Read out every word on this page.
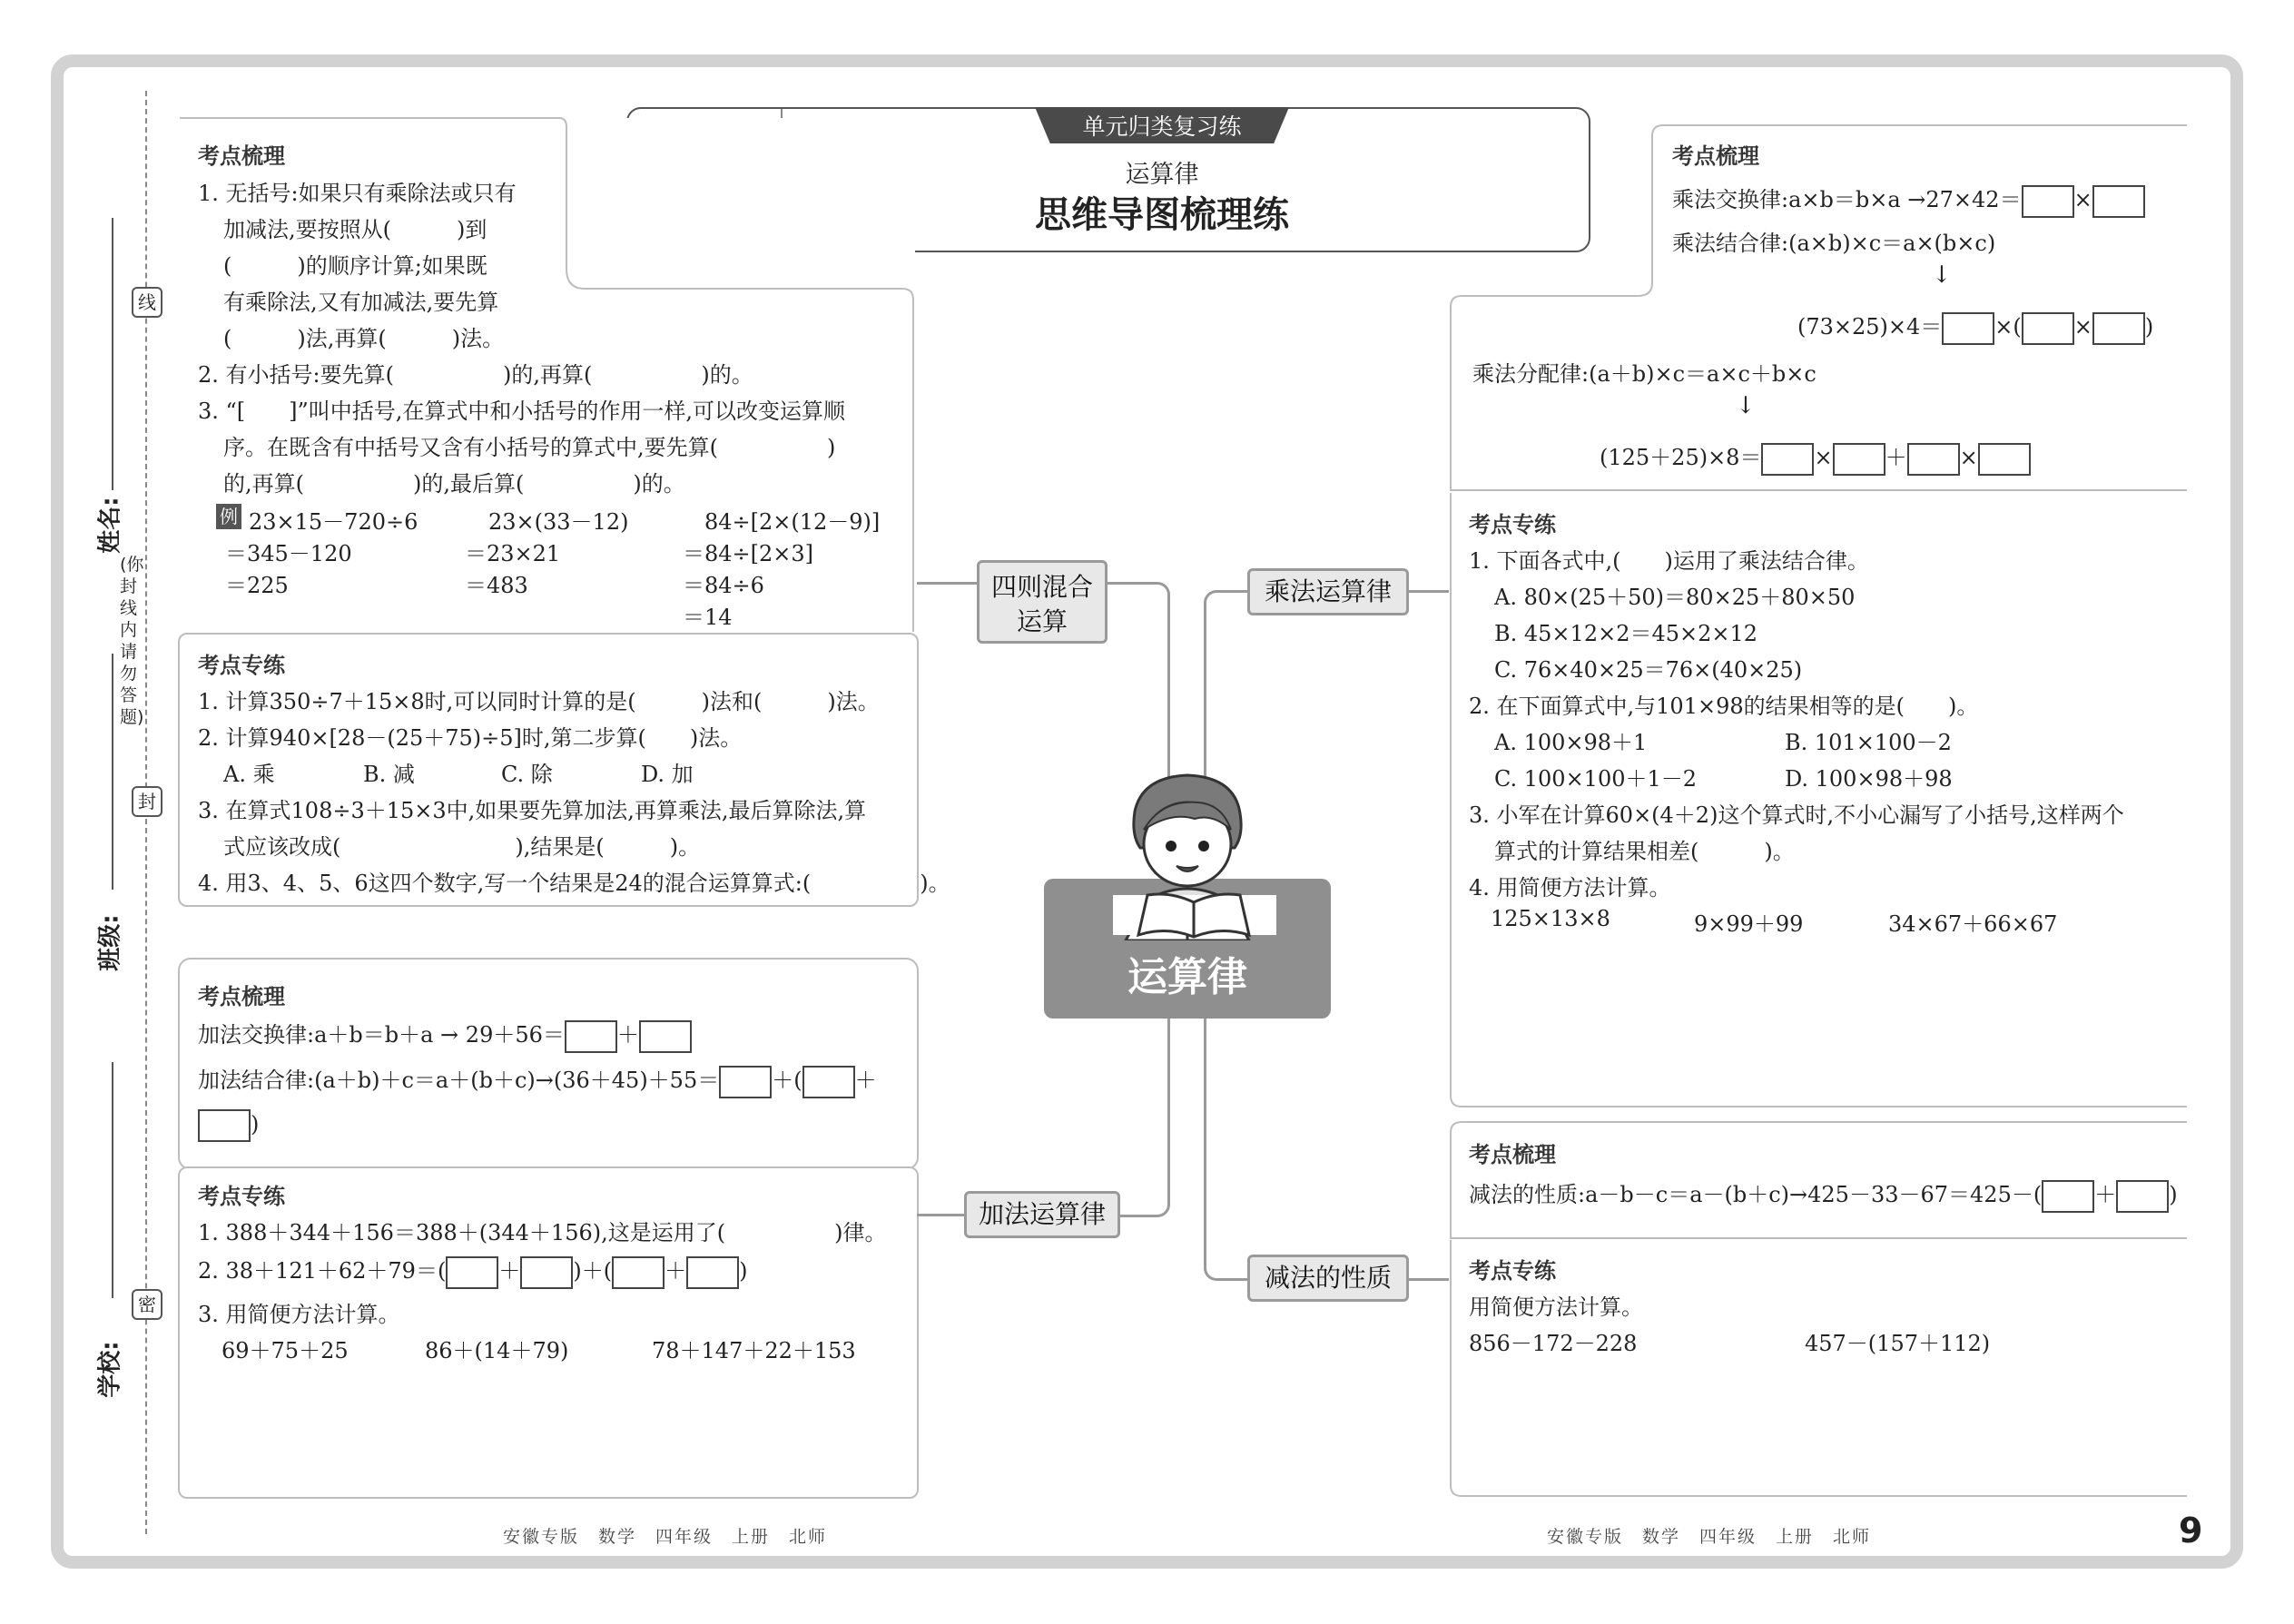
姓名:
班级:
学校:
线
封
密
(你封线内请勿答题)
单元归类复习练
运算律
思维导图梳理练
考点梳理
1. 无括号:如果只有乘除法或只有
加减法,要按照从(　　　)到
(　　　)的顺序计算;如果既
有乘除法,又有加减法,要先算
(　　　)法,再算(　　　)法。
2. 有小括号:要先算(　　　　　)的,再算(　　　　　)的。
3. “[　　]”叫中括号,在算式中和小括号的作用一样,可以改变运算顺
序。在既含有中括号又含有小括号的算式中,要先算(　　　　　)
的,再算(　　　　　)的,最后算(　　　　　)的。
例 23×15－720÷6
＝345－120
＝225
23×(33－12)
＝23×21
＝483
84÷[2×(12－9)]
＝84÷[2×3]
＝84÷6
＝14
考点专练
1. 计算350÷7＋15×8时,可以同时计算的是(　　　)法和(　　　)法。
2. 计算940×[28－(25＋75)÷5]时,第二步算(　　)法。
A. 乘	B. 减	C. 除	D. 加
3. 在算式108÷3＋15×3中,如果要先算加法,再算乘法,最后算除法,算
式应该改成(　　　　　　　　),结果是(　　　)。
4. 用3、4、5、6这四个数字,写一个结果是24的混合运算算式:(　　　　　)。
考点梳理
加法交换律:a＋b＝b＋a → 29＋56＝ ＋
加法结合律:(a＋b)＋c＝a＋(b＋c)→(36＋45)＋55＝ ＋( ＋
)
考点专练
1. 388＋344＋156＝388＋(344＋156),这是运用了(　　　　　)律。
2. 38＋121＋62＋79＝( ＋ )＋( ＋ )
3. 用简便方法计算。
69＋75＋25	86＋(14＋79)	78＋147＋22＋153
考点梳理
乘法交换律:a×b＝b×a →27×42＝ ×
乘法结合律:(a×b)×c＝a×(b×c)
↓
(73×25)×4＝ ×( × )
乘法分配律:(a＋b)×c＝a×c＋b×c
↓
(125＋25)×8＝ × ＋ ×
考点专练
1. 下面各式中,(　　)运用了乘法结合律。
A. 80×(25＋50)＝80×25＋80×50
B. 45×12×2＝45×2×12
C. 76×40×25＝76×(40×25)
2. 在下面算式中,与101×98的结果相等的是(　　)。
A. 100×98＋1	B. 101×100－2
C. 100×100＋1－2	D. 100×98＋98
3. 小军在计算60×(4＋2)这个算式时,不小心漏写了小括号,这样两个
算式的计算结果相差(　　　)。
4. 用简便方法计算。
125×13×8	9×99＋99	34×67＋66×67
考点梳理
减法的性质:a－b－c＝a－(b＋c)→425－33－67＝425－( ＋ )
考点专练
用简便方法计算。
856－172－228	457－(157＋112)
四则混合运算
乘法运算律
加法运算律
减法的性质
运算律
安徽专版　数学　四年级　上册　北师	安徽专版　数学　四年级　上册　北师	9
